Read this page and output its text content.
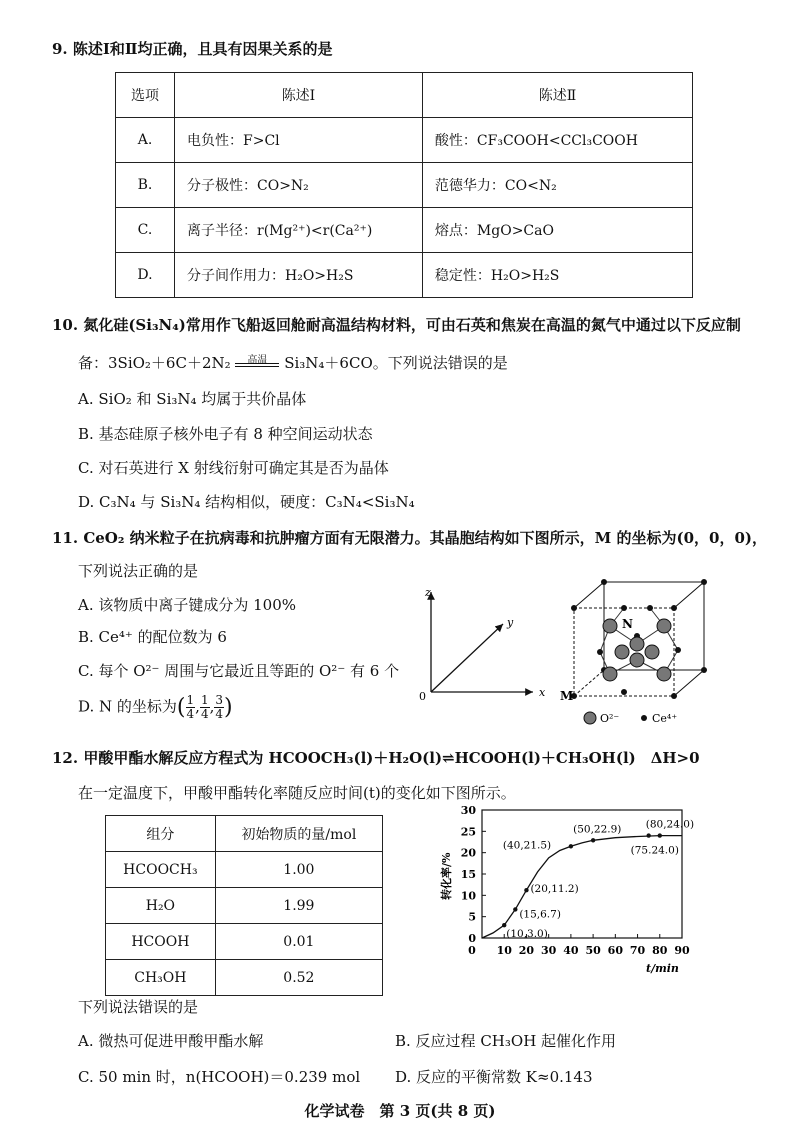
9. 陈述Ⅰ和Ⅱ均正确，且具有因果关系的是
选项	陈述Ⅰ	陈述Ⅱ
A.	电负性：F>Cl	酸性：CF₃COOH<CCl₃COOH
B.	分子极性：CO>N₂	范德华力：CO<N₂
C.	离子半径：r(Mg²⁺)<r(Ca²⁺)	熔点：MgO>CaO
D.	分子间作用力：H₂O>H₂S	稳定性：H₂O>H₂S
10. 氮化硅(Si₃N₄)常用作飞船返回舱耐高温结构材料，可由石英和焦炭在高温的氮气中通过以下反应制
备：3SiO₂＋6C＋2N₂	高温	Si₃N₄＋6CO。下列说法错误的是
A. SiO₂ 和 Si₃N₄ 均属于共价晶体
B. 基态硅原子核外电子有 8 种空间运动状态
C. 对石英进行 X 射线衍射可确定其是否为晶体
D. C₃N₄ 与 Si₃N₄ 结构相似，硬度：C₃N₄<Si₃N₄
11. CeO₂ 纳米粒子在抗病毒和抗肿瘤方面有无限潜力。其晶胞结构如下图所示，M 的坐标为(0，0，0)，
下列说法正确的是
A. 该物质中离子键成分为 100%
B. Ce⁴⁺ 的配位数为 6
C. 每个 O²⁻ 周围与它最近且等距的 O²⁻ 有 6 个
D. N 的坐标为( $\frac{1}{4}$ , $\frac{1}{4}$ , $\frac{3}{4}$ )
z
y
x
0
N
M
O²⁻	Ce⁴⁺
12. 甲酸甲酯水解反应方程式为 HCOOCH₃(l)＋H₂O(l)⇌HCOOH(l)＋CH₃OH(l)　ΔH>0
在一定温度下，甲酸甲酯转化率随反应时间(t)的变化如下图所示。
组分	初始物质的量/mol
HCOOCH₃	1.00
H₂O	1.99
HCOOH	0.01
CH₃OH	0.52
0
5
10
15
20
25
30
0 10 20 30 40 50 60 70 80 90
(10,3.0)
(15,6.7)
(20,11.2)
(40,21.5)
(50,22.9)
(75.24.0)
(80,24.0)
转化率/%
t/min
下列说法错误的是
A. 微热可促进甲酸甲酯水解	B. 反应过程 CH₃OH 起催化作用
C. 50 min 时，n(HCOOH)＝0.239 mol D. 反应的平衡常数 K≈0.143
化学试卷　第 3 页(共 8 页)
